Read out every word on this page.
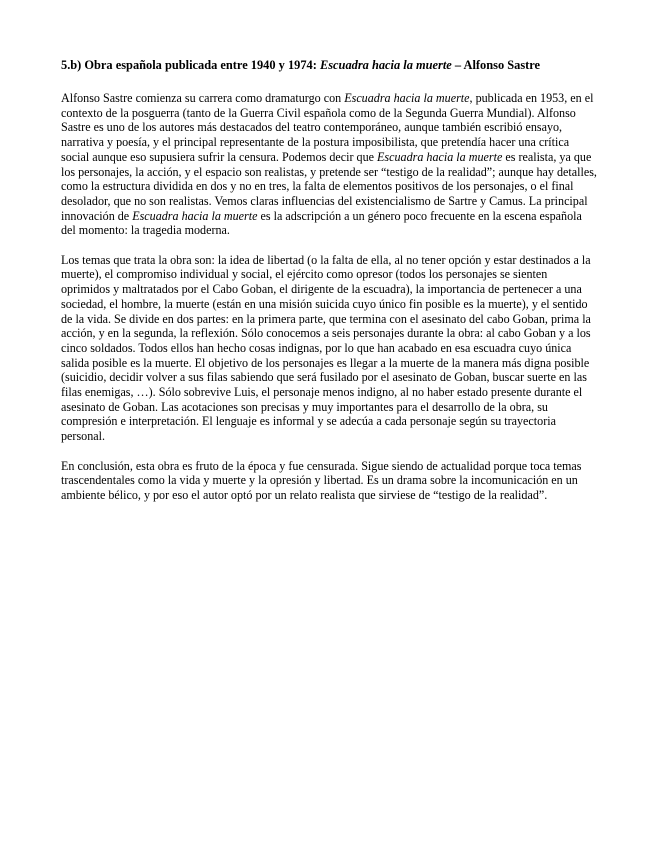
5.b) Obra española publicada entre 1940 y 1974: Escuadra hacia la muerte – Alfonso Sastre

Alfonso Sastre comienza su carrera como dramaturgo con Escuadra hacia la muerte, publicada en 1953, en el contexto de la posguerra (tanto de la Guerra Civil española como de la Segunda Guerra Mundial). Alfonso Sastre es uno de los autores más destacados del teatro contemporáneo, aunque también escribió ensayo, narrativa y poesía, y el principal representante de la postura imposibilista, que pretendía hacer una crítica social aunque eso supusiera sufrir la censura. Podemos decir que Escuadra hacia la muerte es realista, ya que los personajes, la acción, y el espacio son realistas, y pretende ser “testigo de la realidad”; aunque hay detalles, como la estructura dividida en dos y no en tres, la falta de elementos positivos de los personajes, o el final desolador, que no son realistas. Vemos claras influencias del existencialismo de Sartre y Camus. La principal innovación de Escuadra hacia la muerte es la adscripción a un género poco frecuente en la escena española del momento: la tragedia moderna.

Los temas que trata la obra son: la idea de libertad (o la falta de ella, al no tener opción y estar destinados a la muerte), el compromiso individual y social, el ejército como opresor (todos los personajes se sienten oprimidos y maltratados por el Cabo Goban, el dirigente de la escuadra), la importancia de pertenecer a una sociedad, el hombre, la muerte (están en una misión suicida cuyo único fin posible es la muerte), y el sentido de la vida. Se divide en dos partes: en la primera parte, que termina con el asesinato del cabo Goban, prima la acción, y en la segunda, la reflexión. Sólo conocemos a seis personajes durante la obra: al cabo Goban y a los cinco soldados. Todos ellos han hecho cosas indignas, por lo que han acabado en esa escuadra cuyo única salida posible es la muerte. El objetivo de los personajes es llegar a la muerte de la manera más digna posible (suicidio, decidir volver a sus filas sabiendo que será fusilado por el asesinato de Goban, buscar suerte en las filas enemigas, …). Sólo sobrevive Luis, el personaje menos indigno, al no haber estado presente durante el asesinato de Goban. Las acotaciones son precisas y muy importantes para el desarrollo de la obra, su compresión e interpretación. El lenguaje es informal y se adecúa a cada personaje según su trayectoria personal.

En conclusión, esta obra es fruto de la época y fue censurada. Sigue siendo de actualidad porque toca temas trascendentales como la vida y muerte y la opresión y libertad. Es un drama sobre la incomunicación en un ambiente bélico, y por eso el autor optó por un relato realista que sirviese de “testigo de la realidad”.
